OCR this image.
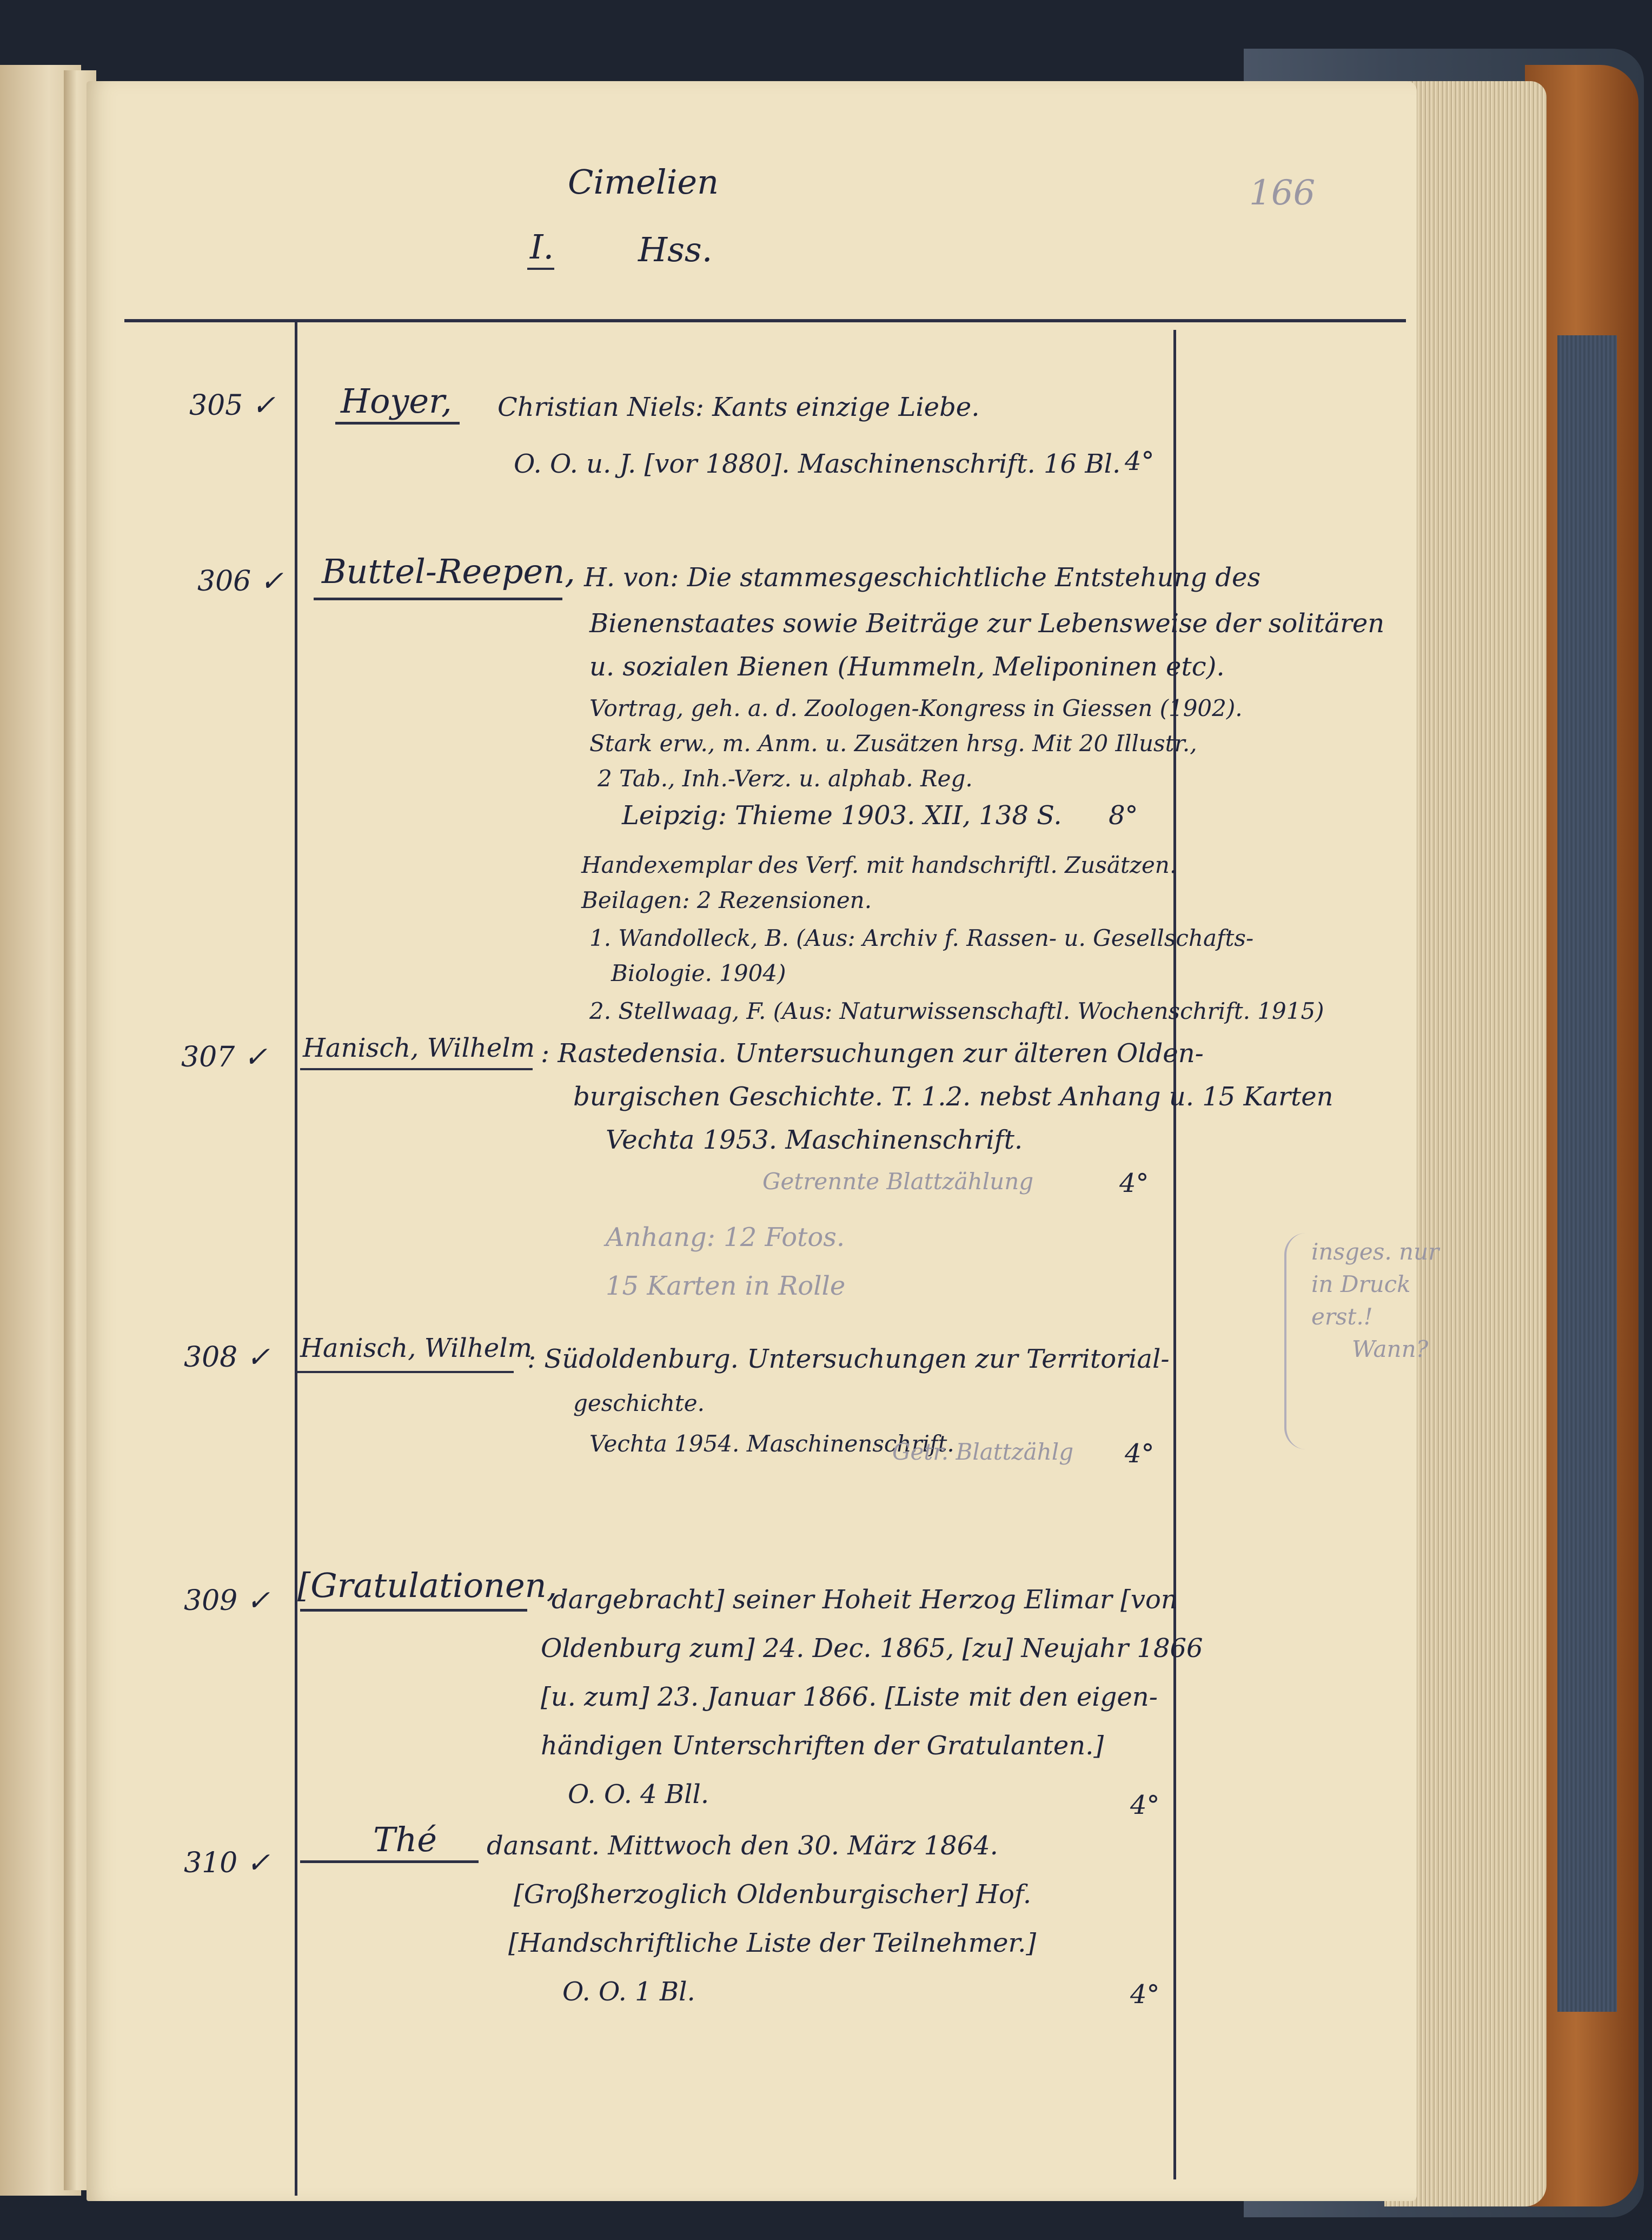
Cimelien
I.	Hss.
166
305 ✓ Hoyer, Christian Niels: Kants einzige Liebe.
O. O. u. J. [vor 1880]. Maschinenschrift. 16 Bl. 4°
306 ✓ Buttel-Reepen, H. von: Die stammesgeschichtliche Entstehung des
Bienenstaates sowie Beiträge zur Lebensweise der solitären
u. sozialen Bienen (Hummeln, Meliponinen etc).
Vortrag, geh. a. d. Zoologen-Kongress in Giessen (1902).
Stark erw., m. Anm. u. Zusätzen hrsg. Mit 20 Illustr.,
2 Tab., Inh.-Verz. u. alphab. Reg.
Leipzig: Thieme 1903. XII, 138 S. 8°
Handexemplar des Verf. mit handschriftl. Zusätzen.
Beilagen: 2 Rezensionen.
1. Wandolleck, B. (Aus: Archiv f. Rassen- u. Gesellschafts-
Biologie. 1904)
2. Stellwaag, F. (Aus: Naturwissenschaftl. Wochenschrift. 1915)
307 ✓ Hanisch, Wilhelm : Rastedensia. Untersuchungen zur älteren Olden-
burgischen Geschichte. T. 1.2. nebst Anhang u. 15 Karten
Vechta 1953. Maschinenschrift.
Getrennte Blattzählung	4°
Anhang: 12 Fotos.
15 Karten in Rolle
insges. nur
in Druck
erst.!
Wann?
308 ✓ Hanisch, Wilhelm
: Südoldenburg. Untersuchungen zur Territorial-
geschichte.
Vechta 1954. Maschinenschrift.
Getr. Blattzählg 4°
309 ✓ [Gratulationen,
dargebracht] seiner Hoheit Herzog Elimar [von
Oldenburg zum] 24. Dec. 1865, [zu] Neujahr 1866
[u. zum] 23. Januar 1866. [Liste mit den eigen-
händigen Unterschriften der Gratulanten.]
O. O. 4 Bll.	4°
310 ✓
Thé dansant. Mittwoch den 30. März 1864.
[Großherzoglich Oldenburgischer] Hof.
[Handschriftliche Liste der Teilnehmer.]
O. O. 1 Bl.	4°
